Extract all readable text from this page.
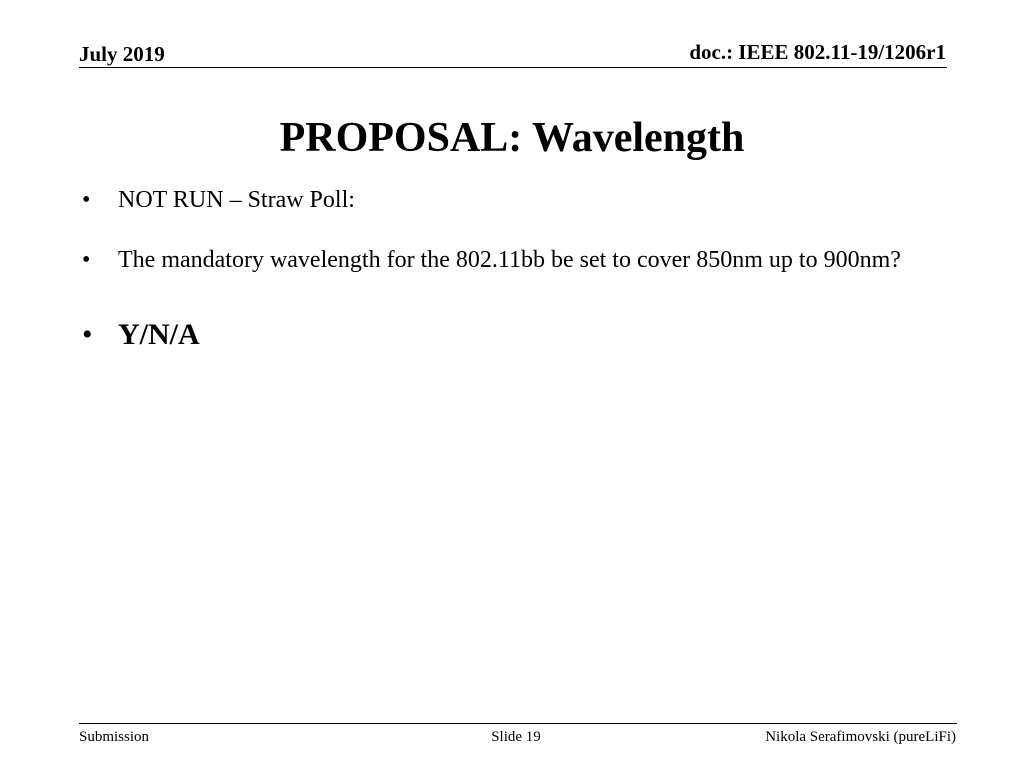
July 2019	doc.: IEEE 802.11-19/1206r1
PROPOSAL: Wavelength
• NOT RUN – Straw Poll:
• The mandatory wavelength for the 802.11bb be set to cover 850nm up to 900nm?
• Y/N/A
Submission	Slide 19	Nikola Serafimovski (pureLiFi)
